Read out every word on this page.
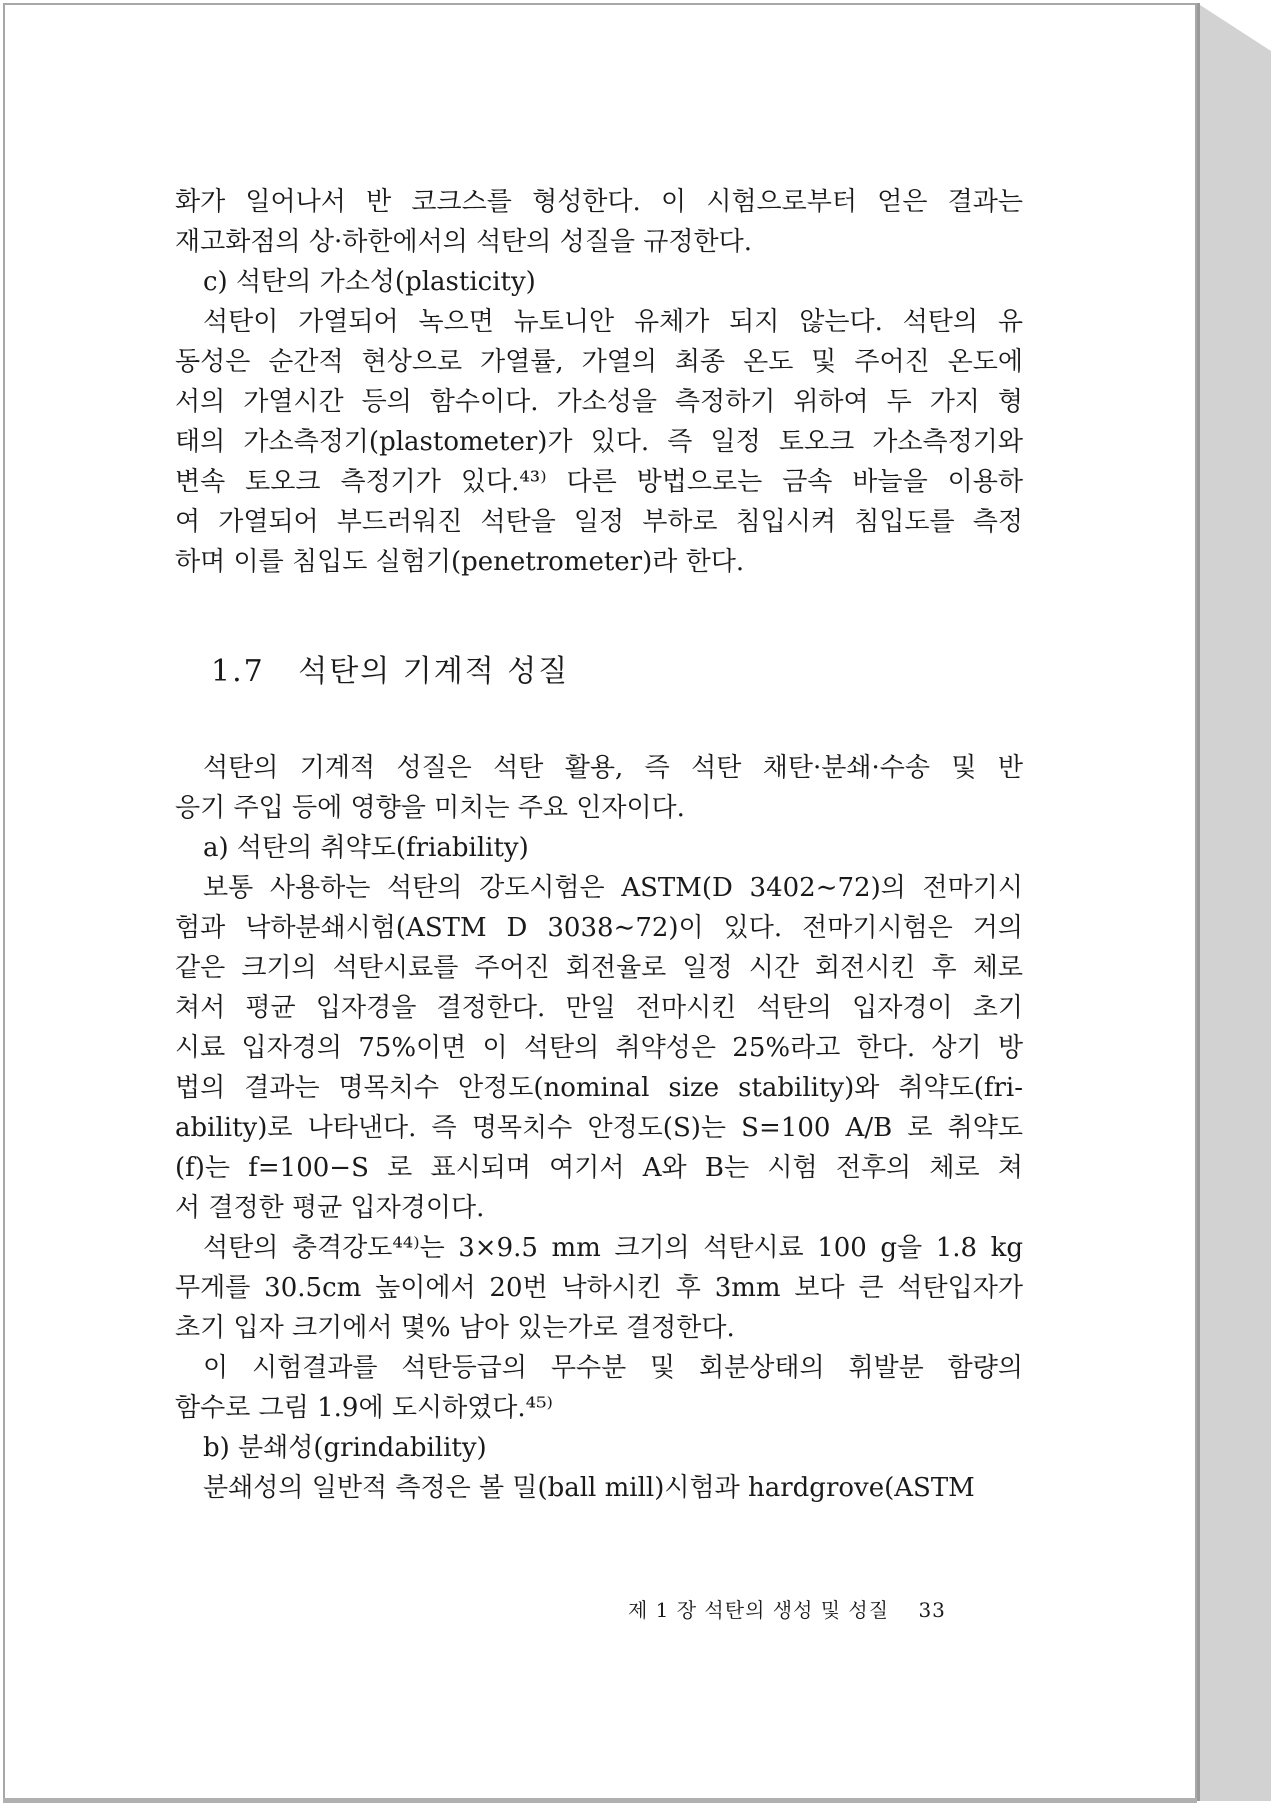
화가 일어나서 반 코크스를 형성한다. 이 시험으로부터 얻은 결과는
재고화점의 상·하한에서의 석탄의 성질을 규정한다.
c) 석탄의 가소성(plasticity)
석탄이 가열되어 녹으면 뉴토니안 유체가 되지 않는다. 석탄의 유
동성은 순간적 현상으로 가열률, 가열의 최종 온도 및 주어진 온도에
서의 가열시간 등의 함수이다. 가소성을 측정하기 위하여 두 가지 형
태의 가소측정기(plastometer)가 있다. 즉 일정 토오크 가소측정기와
변속 토오크 측정기가 있다.⁴³⁾ 다른 방법으로는 금속 바늘을 이용하
여 가열되어 부드러워진 석탄을 일정 부하로 침입시켜 침입도를 측정
하며 이를 침입도 실험기(penetrometer)라 한다.
1.7 석탄의 기계적 성질
석탄의 기계적 성질은 석탄 활용, 즉 석탄 채탄·분쇄·수송 및 반
응기 주입 등에 영향을 미치는 주요 인자이다.
a) 석탄의 취약도(friability)
보통 사용하는 석탄의 강도시험은 ASTM(D 3402∼72)의 전마기시
험과 낙하분쇄시험(ASTM D 3038∼72)이 있다. 전마기시험은 거의
같은 크기의 석탄시료를 주어진 회전율로 일정 시간 회전시킨 후 체로
쳐서 평균 입자경을 결정한다. 만일 전마시킨 석탄의 입자경이 초기
시료 입자경의 75%이면 이 석탄의 취약성은 25%라고 한다. 상기 방
법의 결과는 명목치수 안정도(nominal size stability)와 취약도(fri-
ability)로 나타낸다. 즉 명목치수 안정도(S)는 S=100 A/B 로 취약도
(f)는 f=100−S 로 표시되며 여기서 A와 B는 시험 전후의 체로 쳐
서 결정한 평균 입자경이다.
석탄의 충격강도⁴⁴⁾는 3×9.5 mm 크기의 석탄시료 100 g을 1.8 kg
무게를 30.5cm 높이에서 20번 낙하시킨 후 3mm 보다 큰 석탄입자가
초기 입자 크기에서 몇% 남아 있는가로 결정한다.
이 시험결과를 석탄등급의 무수분 및 회분상태의 휘발분 함량의
함수로 그림 1.9에 도시하였다.⁴⁵⁾
b) 분쇄성(grindability)
분쇄성의 일반적 측정은 볼 밀(ball mill)시험과 hardgrove(ASTM
제 1 장 석탄의 생성 및 성질 33
